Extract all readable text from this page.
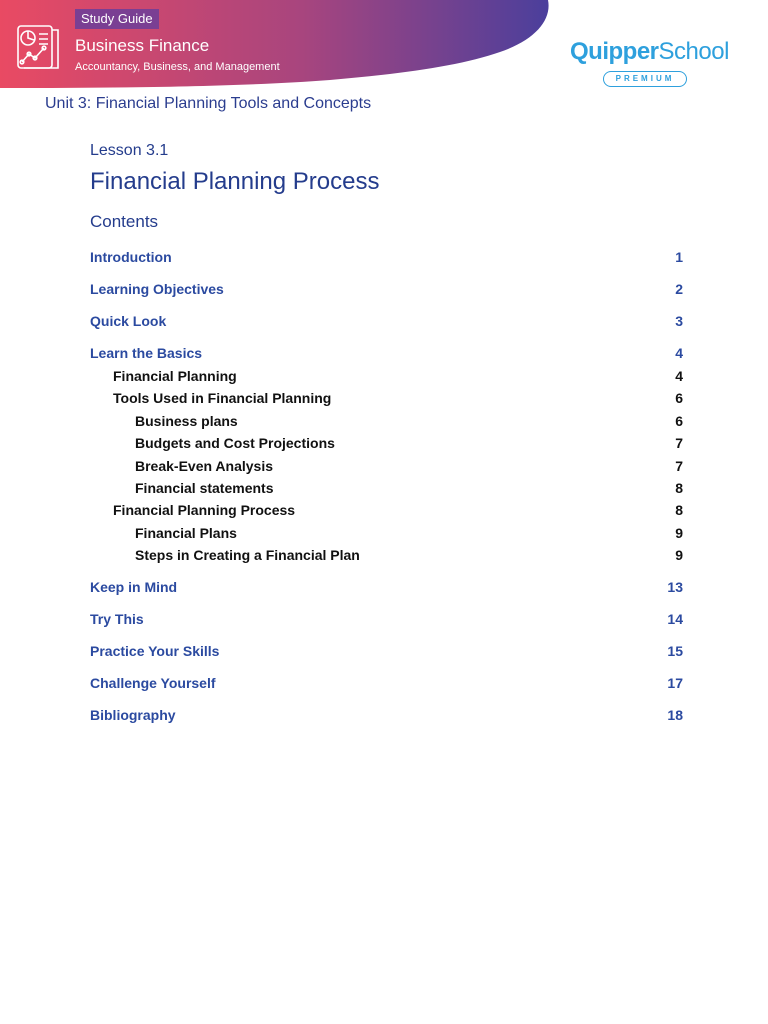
Study Guide
Business Finance
Accountancy, Business, and Management
QuipperSchool
PREMIUM
Unit 3: Financial Planning Tools and Concepts
Lesson 3.1
Financial Planning Process
Contents
Introduction	1
Learning Objectives	2
Quick Look	3
Learn the Basics	4
Financial Planning	4
Tools Used in Financial Planning	6
Business plans	6
Budgets and Cost Projections	7
Break-Even Analysis	7
Financial statements	8
Financial Planning Process	8
Financial Plans	9
Steps in Creating a Financial Plan	9
Keep in Mind	13
Try This	14
Practice Your Skills	15
Challenge Yourself	17
Bibliography	18
